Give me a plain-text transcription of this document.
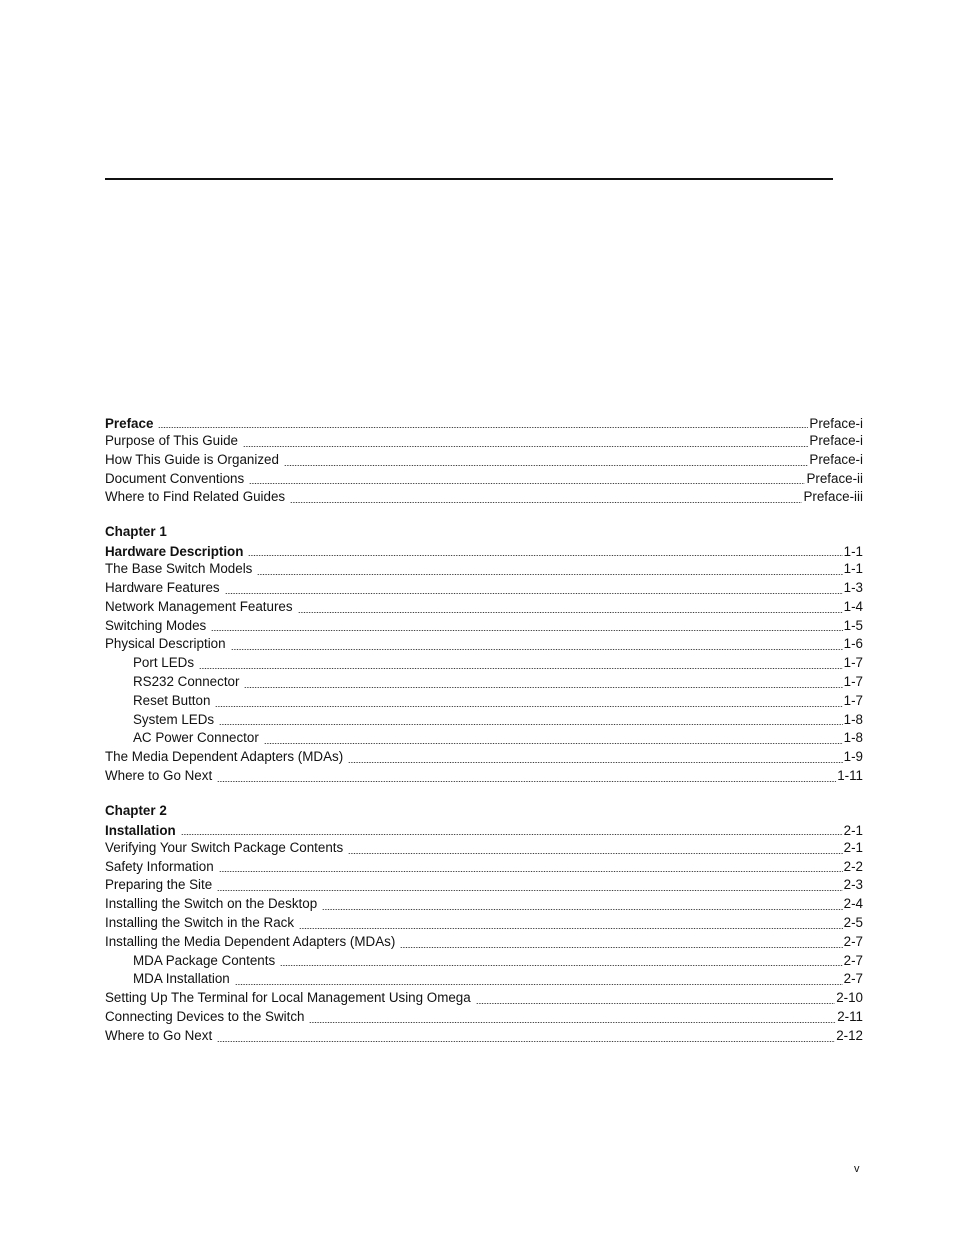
Preface	Preface-i
Purpose of This Guide	Preface-i
How This Guide is Organized	Preface-i
Document Conventions	Preface-ii
Where to Find Related Guides	Preface-iii
Chapter 1
Hardware Description	1-1
The Base Switch Models	1-1
Hardware Features	1-3
Network Management Features	1-4
Switching Modes	1-5
Physical Description	1-6
Port LEDs	1-7
RS232 Connector	1-7
Reset Button	1-7
System LEDs	1-8
AC Power Connector	1-8
The Media Dependent Adapters (MDAs)	1-9
Where to Go Next	1-11
Chapter 2
Installation	2-1
Verifying Your Switch Package Contents	2-1
Safety Information	2-2
Preparing the Site	2-3
Installing the Switch on the Desktop	2-4
Installing the Switch in the Rack	2-5
Installing the Media Dependent Adapters (MDAs)	2-7
MDA Package Contents	2-7
MDA Installation	2-7
Setting Up The Terminal for Local Management Using Omega	2-10
Connecting Devices to the Switch	2-11
Where to Go Next	2-12
v
